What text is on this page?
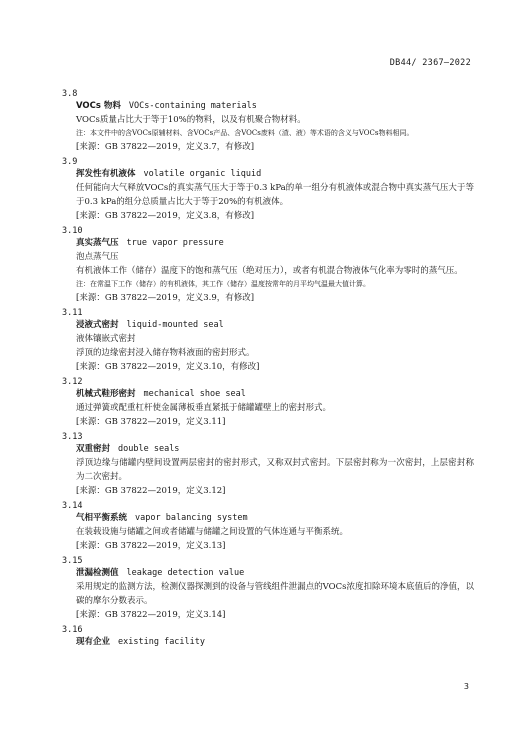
DB44/ 2367—2022
3.8
VOCs 物料 VOCs-containing materials
VOCs质量占比大于等于10%的物料，以及有机聚合物材料。
注：本文件中的含VOCs原辅材料、含VOCs产品、含VOCs废料（渣、液）等术语的含义与VOCs物料相同。
[来源：GB 37822—2019，定义3.7，有修改]
3.9
挥发性有机液体 volatile organic liquid
任何能向大气释放VOCs的真实蒸气压大于等于0.3 kPa的单一组分有机液体或混合物中真实蒸气压大于等于0.3 kPa的组分总质量占比大于等于20%的有机液体。
[来源：GB 37822—2019，定义3.8，有修改]
3.10
真实蒸气压 true vapor pressure
泡点蒸气压
有机液体工作（储存）温度下的饱和蒸气压（绝对压力），或者有机混合物液体气化率为零时的蒸气压。
注：在常温下工作（储存）的有机液体，其工作（储存）温度按常年的月平均气温最大值计算。
[来源：GB 37822—2019，定义3.9，有修改]
3.11
浸液式密封 liquid-mounted seal
液体镶嵌式密封
浮顶的边缘密封浸入储存物料液面的密封形式。
[来源：GB 37822—2019，定义3.10，有修改]
3.12
机械式鞋形密封 mechanical shoe seal
通过弹簧或配重杠杆使金属薄板垂直紧抵于储罐罐壁上的密封形式。
[来源：GB 37822—2019，定义3.11]
3.13
双重密封 double seals
浮顶边缘与储罐内壁间设置两层密封的密封形式，又称双封式密封。下层密封称为一次密封，上层密封称为二次密封。
[来源：GB 37822—2019，定义3.12]
3.14
气相平衡系统 vapor balancing system
在装载设施与储罐之间或者储罐与储罐之间设置的气体连通与平衡系统。
[来源：GB 37822—2019，定义3.13]
3.15
泄漏检测值 leakage detection value
采用规定的监测方法，检测仪器探测到的设备与管线组件泄漏点的VOCs浓度扣除环境本底值后的净值，以碳的摩尔分数表示。
[来源：GB 37822—2019，定义3.14]
3.16
现有企业 existing facility
3
